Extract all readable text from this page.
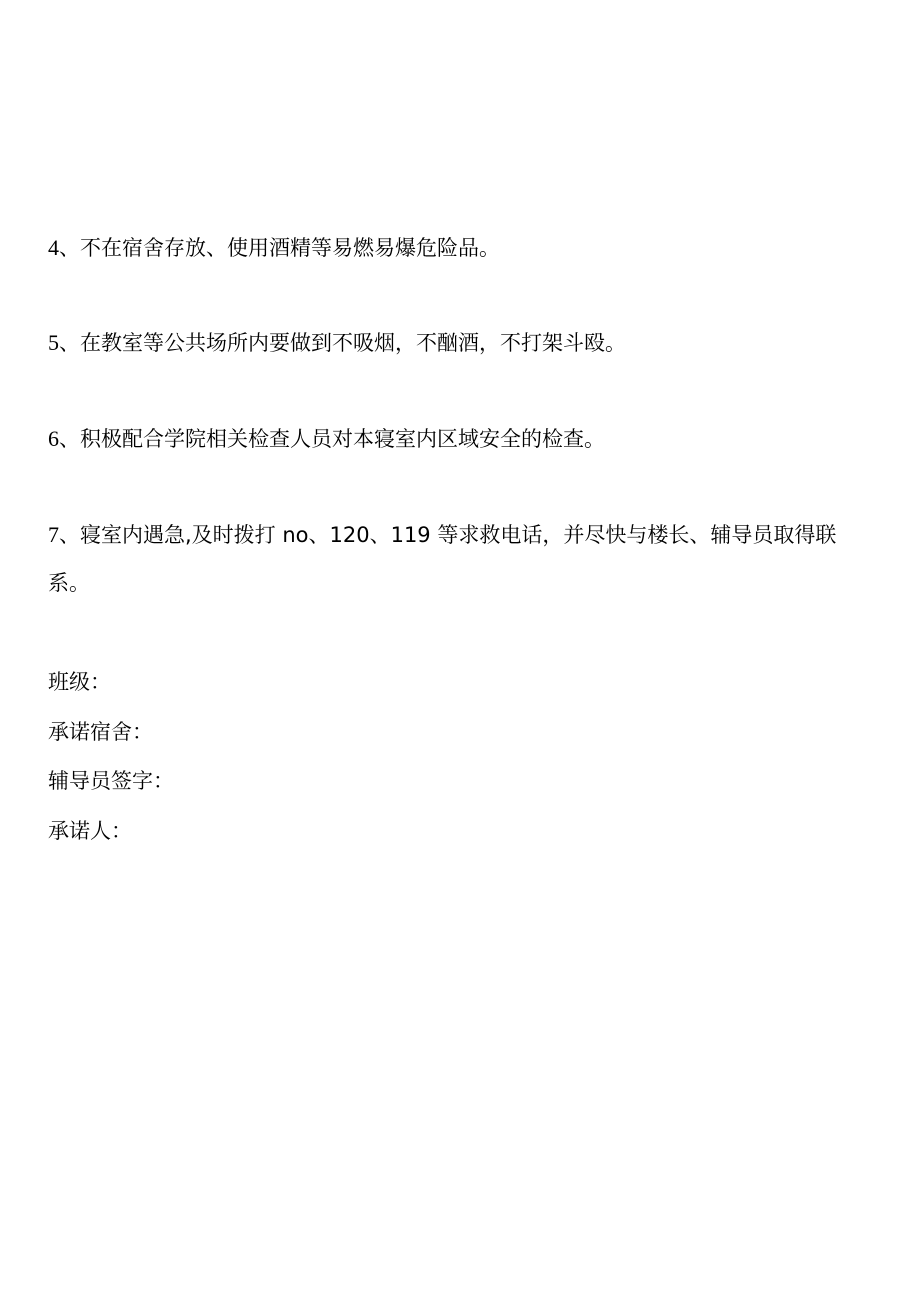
4、不在宿舍存放、使用酒精等易燃易爆危险品。
5、在教室等公共场所内要做到不吸烟，不酗酒，不打架斗殴。
6、积极配合学院相关检查人员对本寝室内区域安全的检查。
7、寝室内遇急,及时拨打 no、120、119 等求救电话，并尽快与楼长、辅导员取得联系。
班级：
承诺宿舍：
辅导员签字：
承诺人：
